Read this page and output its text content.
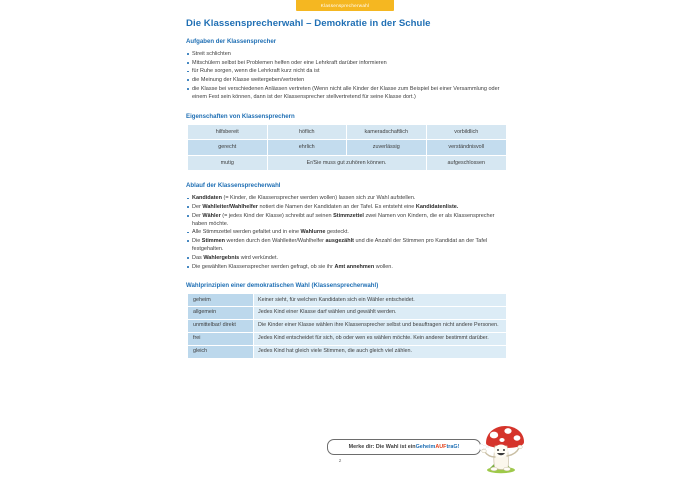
Klassensprecherwahl
Die Klassensprecherwahl – Demokratie in der Schule
Aufgaben der Klassensprecher
Streit schlichten
Mitschülern selbst bei Problemen helfen oder eine Lehrkraft darüber informieren
für Ruhe sorgen, wenn die Lehrkraft kurz nicht da ist
die Meinung der Klasse weitergeben/vertreten
die Klasse bei verschiedenen Anlässen vertreten (Wenn nicht alle Kinder der Klasse zum Beispiel bei einer Versammlung oder einem Fest sein können, dann ist der Klassensprecher stellvertretend für seine Klasse dort.)
Eigenschaften von Klassensprechern
hilfsbereit	höflich	kameradschaftlich	vorbildlich
gerecht	ehrlich	zuverlässig	verständnisvoll
mutig	Er/Sie muss gut zuhören können.		aufgeschlossen
Ablauf der Klassensprecherwahl
Kandidaten (= Kinder, die Klassensprecher werden wollen) lassen sich zur Wahl aufstellen.
Der Wahlleiter/Wahlhelfer notiert die Namen der Kandidaten an der Tafel. Es entsteht eine Kandidatenliste.
Der Wähler (= jedes Kind der Klasse) schreibt auf seinen Stimmzettel zwei Namen von Kindern, die er als Klassensprecher haben möchte.
Alle Stimmzettel werden gefaltet und in eine Wahlurne gesteckt.
Die Stimmen werden durch den Wahlleiter/Wahlhelfer ausgezählt und die Anzahl der Stimmen pro Kandidat an der Tafel festgehalten.
Das Wahlergebnis wird verkündet.
Die gewählten Klassensprecher werden gefragt, ob sie ihr Amt annehmen wollen.
Wahlprinzipien einer demokratischen Wahl (Klassensprecherwahl)
geheim	Keiner sieht, für welchen Kandidaten sich ein Wähler entscheidet.
allgemein	Jedes Kind einer Klasse darf wählen und gewählt werden.
unmittelbar/ direkt	Die Kinder einer Klasse wählen ihre Klassensprecher selbst und beauftragen nicht andere Personen.
frei	Jedes Kind entscheidet für sich, ob oder wen es wählen möchte. Kein anderer bestimmt darüber.
gleich	Jedes Kind hat gleich viele Stimmen, die auch gleich viel zählen.
Merke dir: Die Wahl ist ein Geheim AUF traG!
2
